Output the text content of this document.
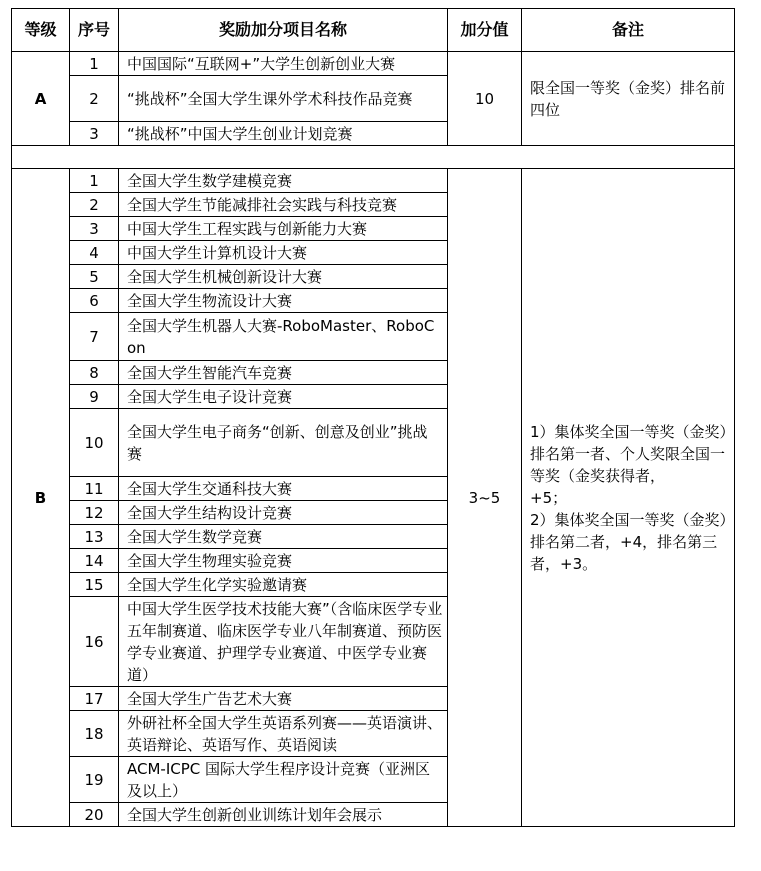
等级	序号	奖励加分项目名称	加分值	备注
A	1	中国国际“互联网+”大学生创新创业大赛	10	限全国一等奖（金奖）排名前四位

	2	“挑战杯”全国大学生课外学术科技作品竞赛		
	3	“挑战杯”中国大学生创业计划竞赛		

B	1	全国大学生数学建模竞赛	3~5	1）集体奖全国一等奖（金奖）排名第一者、个人奖限全国一等奖（金奖获得者，
+5；
2）集体奖全国一等奖（金奖）排名第二者，+4，排名第三者，+3。

	2	全国大学生节能减排社会实践与科技竞赛		
	3	中国大学生工程实践与创新能力大赛		
	4	中国大学生计算机设计大赛		
	5	全国大学生机械创新设计大赛		
	6	全国大学生物流设计大赛		
	7	全国大学生机器人大赛-RoboMaster、RoboCon		
	8	全国大学生智能汽车竞赛		
	9	全国大学生电子设计竞赛		
	10	全国大学生电子商务“创新、创意及创业”挑战
赛		
	11	全国大学生交通科技大赛		
	12	全国大学生结构设计竞赛		
	13	全国大学生数学竞赛		
	14	全国大学生物理实验竞赛		
	15	全国大学生化学实验邀请赛		
	16	中国大学生医学技术技能大赛”（含临床医学专业五年制赛道、临床医学专业八年制赛道、预防医学专业赛道、护理学专业赛道、中医学专业赛道）		
	17	全国大学生广告艺术大赛		
	18	外研社杯全国大学生英语系列赛——英语演讲、英语辩论、英语写作、英语阅读		
	19	ACM-ICPC 国际大学生程序设计竞赛（亚洲区及以上）		
	20	全国大学生创新创业训练计划年会展示		
